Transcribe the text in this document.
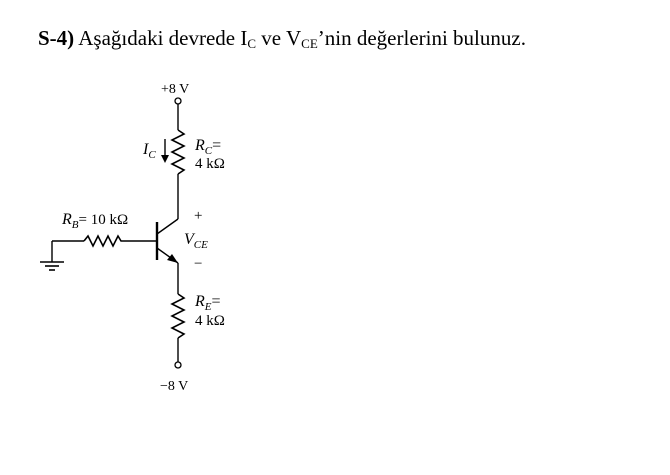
S-4) Aşağıdaki devrede $I_C$ ve $V_{CE}’nin$ değerlerini bulunuz.
+8 V
$I_C$
$R_C=$
4 kΩ
$R_B= 10$ kΩ	+
$V_{CE}$
−
−8 V
$R_E=$
4 kΩ
